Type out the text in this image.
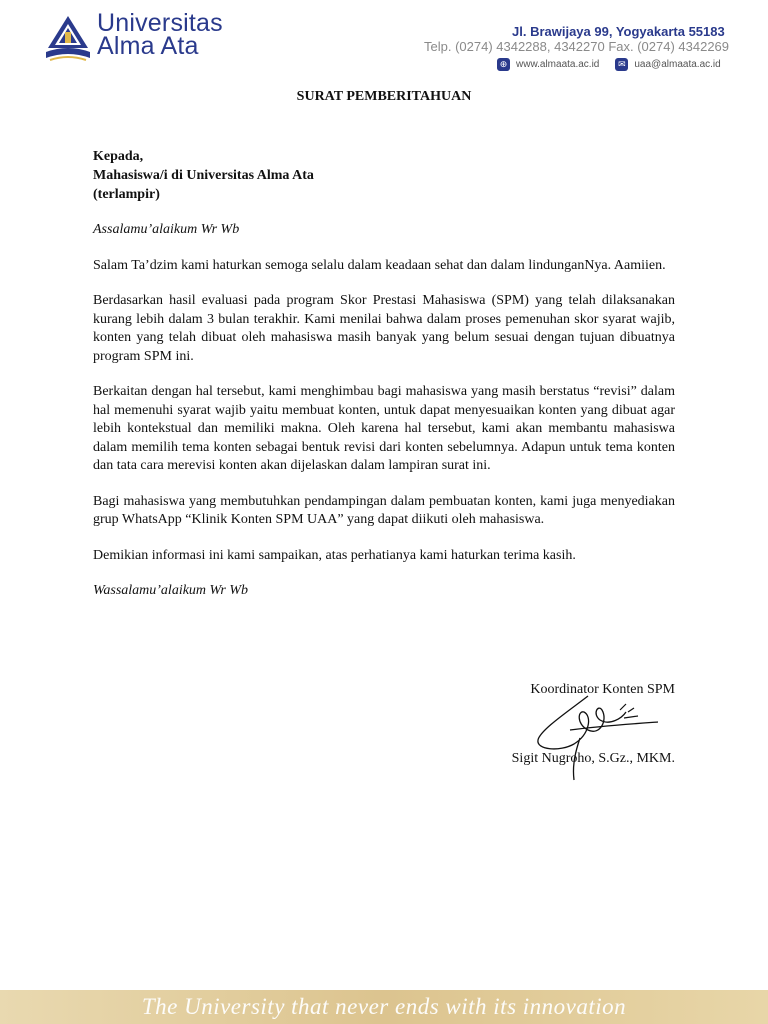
Universitas
Alma Ata
Jl. Brawijaya 99, Yogyakarta 55183
Telp. (0274) 4342288, 4342270 Fax. (0274) 4342269
⊕ www.almaata.ac.id	✉ uaa@almaata.ac.id
SURAT PEMBERITAHUAN
Kepada,
Mahasiswa/i di Universitas Alma Ata
(terlampir)
Assalamu’alaikum Wr Wb

Salam Ta’dzim kami haturkan semoga selalu dalam keadaan sehat dan dalam lindunganNya. Aamiien.

Berdasarkan hasil evaluasi pada program Skor Prestasi Mahasiswa (SPM) yang telah dilaksanakan kurang lebih dalam 3 bulan terakhir. Kami menilai bahwa dalam proses pemenuhan skor syarat wajib, konten yang telah dibuat oleh mahasiswa masih banyak yang belum sesuai dengan tujuan dibuatnya program SPM ini.

Berkaitan dengan hal tersebut, kami menghimbau bagi mahasiswa yang masih berstatus “revisi” dalam hal memenuhi syarat wajib yaitu membuat konten, untuk dapat menyesuaikan konten yang dibuat agar lebih kontekstual dan memiliki makna. Oleh karena hal tersebut, kami akan membantu mahasiswa dalam memilih tema konten sebagai bentuk revisi dari konten sebelumnya. Adapun untuk tema konten dan tata cara merevisi konten akan dijelaskan dalam lampiran surat ini.

Bagi mahasiswa yang membutuhkan pendampingan dalam pembuatan konten, kami juga menyediakan grup WhatsApp “Klinik Konten SPM UAA” yang dapat diikuti oleh mahasiswa.

Demikian informasi ini kami sampaikan, atas perhatianya kami haturkan terima kasih.

Wassalamu’alaikum Wr Wb
Koordinator Konten SPM
Sigit Nugroho, S.Gz., MKM.
The University that never ends with its innovation
